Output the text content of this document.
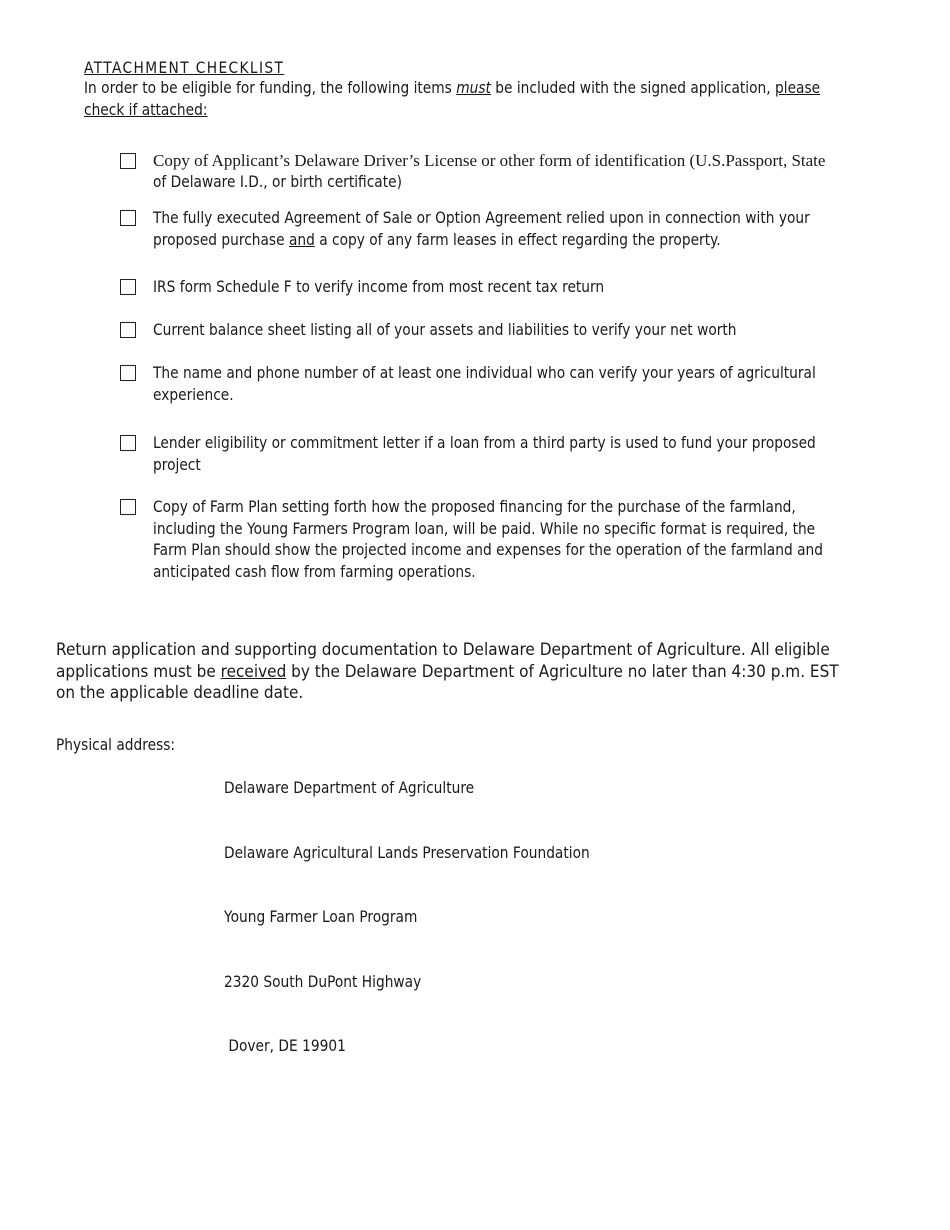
ATTACHMENT CHECKLIST
In order to be eligible for funding, the following items must be included with the signed application, please
check if attached:
Copy of Applicant’s Delaware Driver’s License or other form of identification (U.S.Passport, State
of Delaware I.D., or birth certificate)
The fully executed Agreement of Sale or Option Agreement relied upon in connection with your
proposed purchase and a copy of any farm leases in effect regarding the property.
IRS form Schedule F to verify income from most recent tax return
Current balance sheet listing all of your assets and liabilities to verify your net worth
The name and phone number of at least one individual who can verify your years of agricultural
experience.
Lender eligibility or commitment letter if a loan from a third party is used to fund your proposed
project
Copy of Farm Plan setting forth how the proposed financing for the purchase of the farmland,
including the Young Farmers Program loan, will be paid. While no specific format is required, the
Farm Plan should show the projected income and expenses for the operation of the farmland and
anticipated cash flow from farming operations.
Return application and supporting documentation to Delaware Department of Agriculture. All eligible
applications must be received by the Delaware Department of Agriculture no later than 4:30 p.m. EST
on the applicable deadline date.
Physical address:

Delaware Department of Agriculture

Delaware Agricultural Lands Preservation Foundation

Young Farmer Loan Program

2320 South DuPont Highway

Dover, DE 19901
